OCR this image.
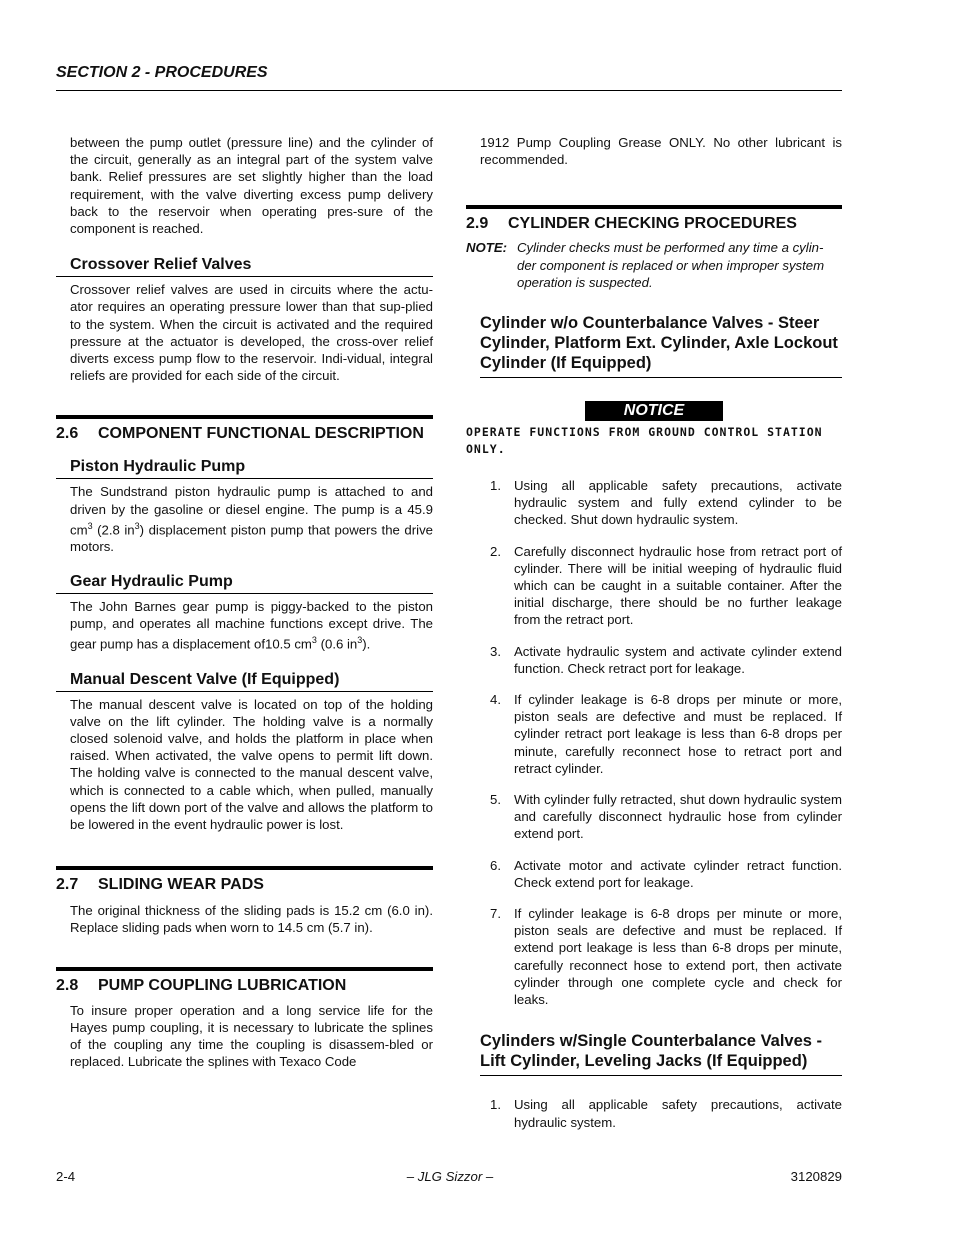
SECTION 2 - PROCEDURES

between the pump outlet (pressure line) and the cylinder of the circuit, generally as an integral part of the system valve bank. Relief pressures are set slightly higher than the load requirement, with the valve diverting excess pump delivery back to the reservoir when operating pres-sure of the component is reached.

Crossover Relief Valves

Crossover relief valves are used in circuits where the actu-ator requires an operating pressure lower than that sup-plied to the system. When the circuit is activated and the required pressure at the actuator is developed, the cross-over relief diverts excess pump flow to the reservoir. Indi-vidual, integral reliefs are provided for each side of the circuit.

2.6	COMPONENT FUNCTIONAL DESCRIPTION
Piston Hydraulic Pump

The Sundstrand piston hydraulic pump is attached to and driven by the gasoline or diesel engine. The pump is a 45.9 $cm^3$ (2.8 $in^3$) displacement piston pump that powers the drive motors.

Gear Hydraulic Pump

The John Barnes gear pump is piggy-backed to the piston pump, and operates all machine functions except drive. The gear pump has a displacement of10.5 $cm^3$ (0.6 $in^3$).

Manual Descent Valve (If Equipped)

The manual descent valve is located on top of the holding valve on the lift cylinder. The holding valve is a normally closed solenoid valve, and holds the platform in place when raised. When activated, the valve opens to permit lift down. The holding valve is connected to the manual descent valve, which is connected to a cable which, when pulled, manually opens the lift down port of the valve and allows the platform to be lowered in the event hydraulic power is lost.

2.7	SLIDING WEAR PADS

The original thickness of the sliding pads is 15.2 cm (6.0 in). Replace sliding pads when worn to 14.5 cm (5.7 in).

2.8	PUMP COUPLING LUBRICATION

To insure proper operation and a long service life for the Hayes pump coupling, it is necessary to lubricate the splines of the coupling any time the coupling is disassem-bled or replaced. Lubricate the splines with Texaco Code

1912 Pump Coupling Grease ONLY. No other lubricant is recommended.

2.9	CYLINDER CHECKING PROCEDURES
NOTE: Cylinder checks must be performed any time a cylin-der component is replaced or when improper system operation is suspected.
Cylinder w/o Counterbalance Valves - Steer Cylinder, Platform Ext. Cylinder, Axle Lockout Cylinder (If Equipped)
NOTICE
OPERATE FUNCTIONS FROM GROUND CONTROL STATION ONLY.
1. Using all applicable safety precautions, activate hydraulic system and fully extend cylinder to be checked. Shut down hydraulic system.
2. Carefully disconnect hydraulic hose from retract port of cylinder. There will be initial weeping of hydraulic fluid which can be caught in a suitable container. After the initial discharge, there should be no further leakage from the retract port.
3. Activate hydraulic system and activate cylinder extend function. Check retract port for leakage.
4. If cylinder leakage is 6-8 drops per minute or more, piston seals are defective and must be replaced. If cylinder retract port leakage is less than 6-8 drops per minute, carefully reconnect hose to retract port and retract cylinder.
5. With cylinder fully retracted, shut down hydraulic system and carefully disconnect hydraulic hose from cylinder extend port.
6. Activate motor and activate cylinder retract function. Check extend port for leakage.
7. If cylinder leakage is 6-8 drops per minute or more, piston seals are defective and must be replaced. If extend port leakage is less than 6-8 drops per minute, carefully reconnect hose to extend port, then activate cylinder through one complete cycle and check for leaks.
Cylinders w/Single Counterbalance Valves - Lift Cylinder, Leveling Jacks (If Equipped)
1. Using all applicable safety precautions, activate hydraulic system.
2-4	– JLG Sizzor –	3120829
